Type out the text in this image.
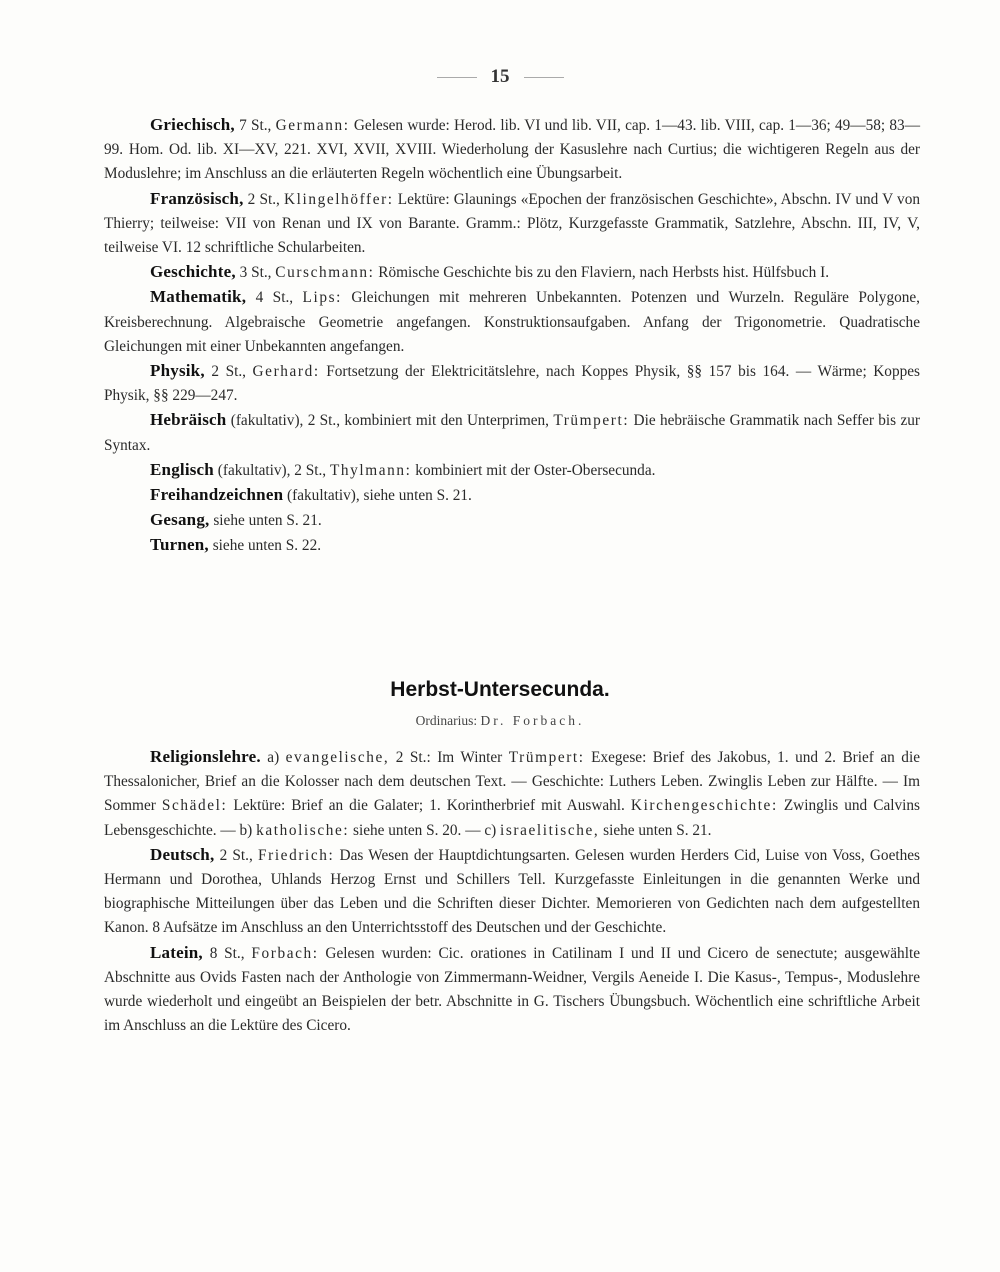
15

Griechisch, 7 St., Germann: Gelesen wurde: Herod. lib. VI und lib. VII, cap. 1—43. lib. VIII, cap. 1—36; 49—58; 83—99. Hom. Od. lib. XI—XV, 221. XVI, XVII, XVIII. Wiederholung der Kasuslehre nach Curtius; die wichtigeren Regeln aus der Moduslehre; im Anschluss an die erläuterten Regeln wöchentlich eine Übungsarbeit.

Französisch, 2 St., Klingelhöffer: Lektüre: Glaunings «Epochen der französischen Geschichte», Abschn. IV und V von Thierry; teilweise: VII von Renan und IX von Barante. Gramm.: Plötz, Kurzgefasste Grammatik, Satzlehre, Abschn. III, IV, V, teilweise VI. 12 schriftliche Schularbeiten.

Geschichte, 3 St., Curschmann: Römische Geschichte bis zu den Flaviern, nach Herbsts hist. Hülfsbuch I.

Mathematik, 4 St., Lips: Gleichungen mit mehreren Unbekannten. Potenzen und Wurzeln. Reguläre Polygone, Kreisberechnung. Algebraische Geometrie angefangen. Konstruktionsaufgaben. Anfang der Trigonometrie. Quadratische Gleichungen mit einer Unbekannten angefangen.

Physik, 2 St., Gerhard: Fortsetzung der Elektricitätslehre, nach Koppes Physik, §§ 157 bis 164. — Wärme; Koppes Physik, §§ 229—247.

Hebräisch (fakultativ), 2 St., kombiniert mit den Unterprimen, Trümpert: Die hebräische Grammatik nach Seffer bis zur Syntax.

Englisch (fakultativ), 2 St., Thylmann: kombiniert mit der Oster-Obersecunda.

Freihandzeichnen (fakultativ), siehe unten S. 21.

Gesang, siehe unten S. 21.

Turnen, siehe unten S. 22.

Herbst-Untersecunda.
Ordinarius: Dr. Forbach.

Religionslehre. a) evangelische, 2 St.: Im Winter Trümpert: Exegese: Brief des Jakobus, 1. und 2. Brief an die Thessalonicher, Brief an die Kolosser nach dem deutschen Text. — Geschichte: Luthers Leben. Zwinglis Leben zur Hälfte. — Im Sommer Schädel: Lektüre: Brief an die Galater; 1. Korintherbrief mit Auswahl. Kirchengeschichte: Zwinglis und Calvins Lebensgeschichte. — b) katholische: siehe unten S. 20. — c) israelitische, siehe unten S. 21.

Deutsch, 2 St., Friedrich: Das Wesen der Hauptdichtungsarten. Gelesen wurden Herders Cid, Luise von Voss, Goethes Hermann und Dorothea, Uhlands Herzog Ernst und Schillers Tell. Kurzgefasste Einleitungen in die genannten Werke und biographische Mitteilungen über das Leben und die Schriften dieser Dichter. Memorieren von Gedichten nach dem aufgestellten Kanon. 8 Aufsätze im Anschluss an den Unterrichtsstoff des Deutschen und der Geschichte.

Latein, 8 St., Forbach: Gelesen wurden: Cic. orationes in Catilinam I und II und Cicero de senectute; ausgewählte Abschnitte aus Ovids Fasten nach der Anthologie von Zimmermann-Weidner, Vergils Aeneide I. Die Kasus-, Tempus-, Moduslehre wurde wiederholt und eingeübt an Beispielen der betr. Abschnitte in G. Tischers Übungsbuch. Wöchentlich eine schriftliche Arbeit im Anschluss an die Lektüre des Cicero.
